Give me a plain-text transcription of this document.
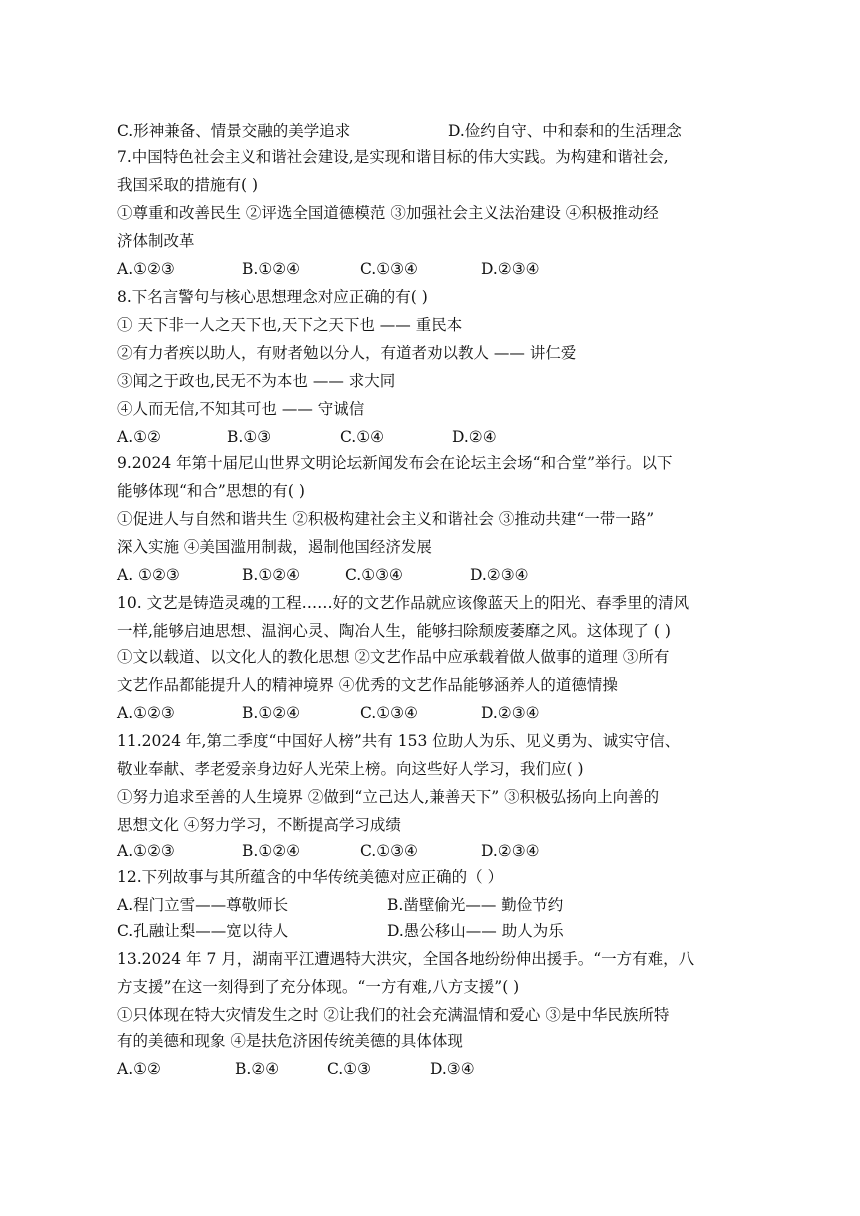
C.形神兼备、情景交融的美学追求	D.俭约自守、中和泰和的生活理念
7.中国特色社会主义和谐社会建设,是实现和谐目标的伟大实践。为构建和谐社会,
我国采取的措施有( )
①尊重和改善民生 ②评选全国道德模范 ③加强社会主义法治建设 ④积极推动经
济体制改革
A.①②③	B.①②④	C.①③④	D.②③④
8.下名言警句与核心思想理念对应正确的有( )
① 天下非一人之天下也,天下之天下也 —— 重民本
②有力者疾以助人，有财者勉以分人，有道者劝以教人 —— 讲仁爱
③闻之于政也,民无不为本也 —— 求大同
④人而无信,不知其可也 —— 守诚信
A.①②	B.①③	C.①④	D.②④
9.2024 年第十届尼山世界文明论坛新闻发布会在论坛主会场“和合堂”举行。以下
能够体现“和合”思想的有( )
①促进人与自然和谐共生 ②积极构建社会主义和谐社会 ③推动共建“一带一路”
深入实施 ④美国滥用制裁，遏制他国经济发展
A. ①②③	B.①②④	C.①③④	D.②③④
10. 文艺是铸造灵魂的工程……好的文艺作品就应该像蓝天上的阳光、春季里的清风
一样,能够启迪思想、温润心灵、陶冶人生，能够扫除颓废萎靡之风。这体现了 ( )
①文以载道、以文化人的教化思想 ②文艺作品中应承载着做人做事的道理 ③所有
文艺作品都能提升人的精神境界 ④优秀的文艺作品能够涵养人的道德情操
A.①②③	B.①②④	C.①③④	D.②③④
11.2024 年,第二季度“中国好人榜”共有 153 位助人为乐、见义勇为、诚实守信、
敬业奉献、孝老爱亲身边好人光荣上榜。向这些好人学习，我们应( )
①努力追求至善的人生境界 ②做到“立己达人,兼善天下” ③积极弘扬向上向善的
思想文化 ④努力学习，不断提高学习成绩
A.①②③	B.①②④	C.①③④	D.②③④
12.下列故事与其所蕴含的中华传统美德对应正确的（ ）
A.程门立雪——尊敬师长	B.凿壁偷光—— 勤俭节约
C.孔融让梨——宽以待人	D.愚公移山—— 助人为乐
13.2024 年 7 月，湖南平江遭遇特大洪灾，全国各地纷纷伸出援手。“一方有难，八
方支援”在这一刻得到了充分体现。“一方有难,八方支援”( )
①只体现在特大灾情发生之时 ②让我们的社会充满温情和爱心 ③是中华民族所特
有的美德和现象 ④是扶危济困传统美德的具体体现
A.①②	B.②④	C.①③	D.③④
